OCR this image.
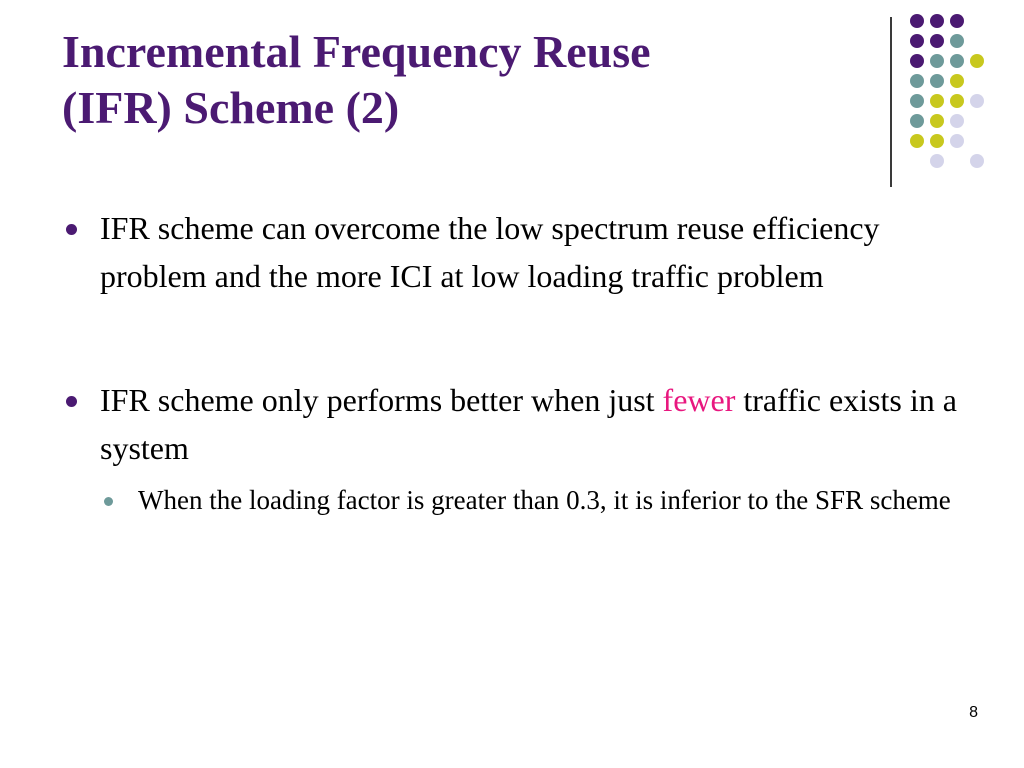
Incremental Frequency Reuse
(IFR) Scheme (2)
IFR scheme can overcome the low spectrum reuse efficiency problem and the more ICI at low loading traffic problem
IFR scheme only performs better when just fewer traffic exists in a system
When the loading factor is greater than 0.3, it is inferior to the SFR scheme
8
